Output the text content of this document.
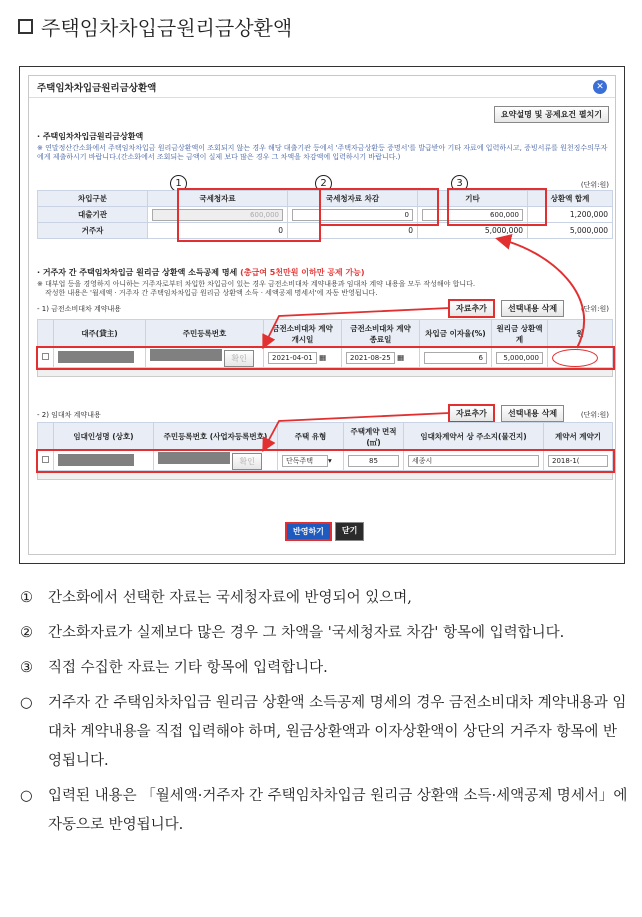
주택임차차입금원리금상환액
주택임차차입금원리금상환액	✕
요약설명 및 공제요건 펼치기
· 주택임차차입금원리금상환액
※ 연말정산간소화에서 주택임차차입금 원리금상환액이 조회되지 않는 경우 해당 대출기관 등에서 '주택자금상환등 증명서'를 발급받아 기타 자료에 입력하시고, 증빙서류를 원천징수의무자에게 제출하시기 바랍니다.(간소화에서 조회되는 금액이 실제 보다 많은 경우 그 차액을 차감액에 입력하시기 바랍니다.)
1	2	3	(단위:원)
차입구분	국세청자료	국세청자료 차감	기타	상환액 합계
대출기관	600,000	0	600,000	1,200,000
거주자	0	0	5,000,000	5,000,000
· 거주자 간 주택임차차입금 원리금 상환액 소득공제 명세 (총급여 5천만원 이하만 공제 가능)
※ 대부업 등을 경영하지 아니하는 거주자로부터 차입한 차입금이 있는 경우 금전소비대차 계약내용과 임대차 계약 내용을 모두 작성해야 합니다.
작성한 내용은 '월세액 · 거주자 간 주택임차차입금 원리금 상환액 소득 · 세액공제 명세서'에 자동 반영됩니다.
- 1) 금전소비대차 계약내용	자료추가	선택내용 삭제	(단위:원)
	대주(貸主)	주민등록번호	금전소비대차 계약 개시일	금전소비대차 계약 종료일	차입금 이자율(%)	원리금 상환액 계	원
		확인	2021-04-01 ▦	2021-08-25 ▦	6	5,000,000	

- 2) 임대차 계약내용	자료추가	선택내용 삭제	(단위:원)
	임대인성명 (상호)	주민등록번호 (사업자등록번호)	주택 유형	주택계약 면적(㎡)	임대차계약서 상 주소지(물건지)	계약서 계약기
		확인	단독주택 ▾	85	세종시	2018-1(
반영하기	닫기
①	간소화에서 선택한 자료는 국세청자료에 반영되어 있으며,
②	간소화자료가 실제보다 많은 경우 그 차액을 '국세청자료 차감' 항목에 입력합니다.
③	직접 수집한 자료는 기타 항목에 입력합니다.
○	거주자 간 주택임차차입금 원리금 상환액 소득공제 명세의 경우 금전소비대차 계약내용과 임대차 계약내용을 직접 입력해야 하며, 원금상환액과 이자상환액이 상단의 거주자 항목에 반영됩니다.
○	입력된 내용은 「월세액·거주자 간 주택임차차입금 원리금 상환액 소득·세액공제 명세서」에 자동으로 반영됩니다.
